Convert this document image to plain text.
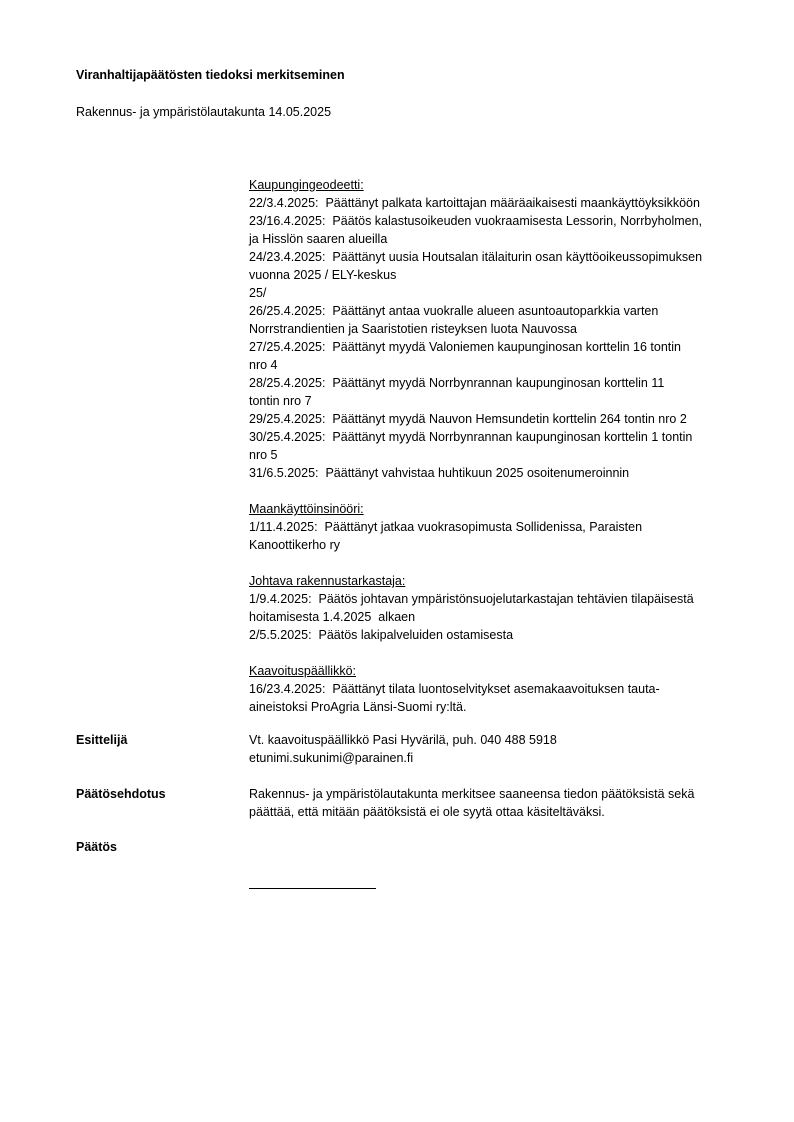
Viranhaltijapäätösten tiedoksi merkitseminen
Rakennus- ja ympäristölautakunta 14.05.2025
Kaupungingeodeetti:
22/3.4.2025:  Päättänyt palkata kartoittajan määräaikaisesti maankäyttöyksikköön
23/16.4.2025:  Päätös kalastusoikeuden vuokraamisesta Lessorin, Norrbyholmen,
ja Hisslön saaren alueilla
24/23.4.2025:  Päättänyt uusia Houtsalan itälaiturin osan käyttöoikeussopimuksen
vuonna 2025 / ELY-keskus
25/
26/25.4.2025:  Päättänyt antaa vuokralle alueen asuntoautoparkkia varten
Norrstrandientien ja Saaristotien risteyksen luota Nauvossa
27/25.4.2025:  Päättänyt myydä Valoniemen kaupunginosan korttelin 16 tontin
nro 4
28/25.4.2025:  Päättänyt myydä Norrbynrannan kaupunginosan korttelin 11
tontin nro 7
29/25.4.2025:  Päättänyt myydä Nauvon Hemsundetin korttelin 264 tontin nro 2
30/25.4.2025:  Päättänyt myydä Norrbynrannan kaupunginosan korttelin 1 tontin
nro 5
31/6.5.2025:  Päättänyt vahvistaa huhtikuun 2025 osoitenumeroinnin
Maankäyttöinsinööri:
1/11.4.2025:  Päättänyt jatkaa vuokrasopimusta Sollidenissa, Paraisten
Kanoottikerho ry
Johtava rakennustarkastaja:
1/9.4.2025:  Päätös johtavan ympäristönsuojelutarkastajan tehtävien tilapäisestä
hoitamisesta 1.4.2025  alkaen
2/5.5.2025:  Päätös lakipalveluiden ostamisesta
Kaavoituspäällikkö:
16/23.4.2025:  Päättänyt tilata luontoselvitykset asemakaavoituksen tauta-
aineistoksi ProAgria Länsi-Suomi ry:ltä.
Esittelijä	Vt. kaavoituspäällikkö Pasi Hyvärilä, puh. 040 488 5918
etunimi.sukunimi@parainen.fi
Päätösehdotus	Rakennus- ja ympäristölautakunta merkitsee saaneensa tiedon päätöksistä sekä
päättää, että mitään päätöksistä ei ole syytä ottaa käsiteltäväksi.
Päätös
